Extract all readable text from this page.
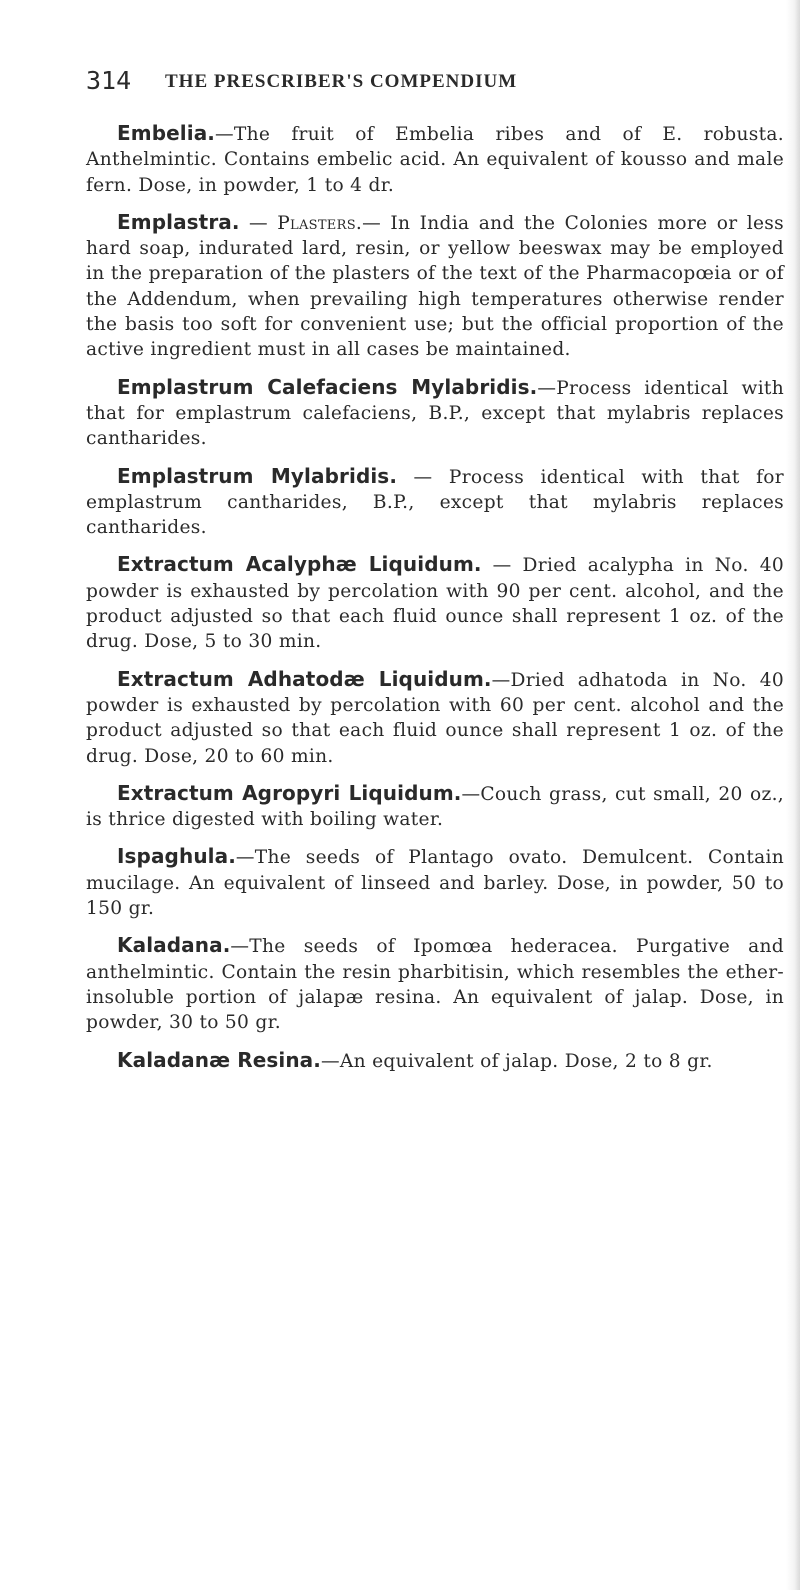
314 THE PRESCRIBER'S COMPENDIUM

Embelia.—The fruit of Embelia ribes and of E. robusta. Anthelmintic. Contains embelic acid. An equivalent of kousso and male fern. Dose, in powder, 1 to 4 dr.

Emplastra. — Plasters.— In India and the Colonies more or less hard soap, indurated lard, resin, or yellow beeswax may be employed in the preparation of the plasters of the text of the Pharmacopœia or of the Addendum, when prevailing high temperatures otherwise render the basis too soft for convenient use; but the official proportion of the active ingredient must in all cases be maintained.

Emplastrum Calefaciens Mylabridis.—Process identical with that for emplastrum calefaciens, B.P., except that mylabris replaces cantharides.

Emplastrum Mylabridis. — Process identical with that for emplastrum cantharides, B.P., except that mylabris replaces cantharides.

Extractum Acalyphæ Liquidum. — Dried acalypha in No. 40 powder is exhausted by percolation with 90 per cent. alcohol, and the product adjusted so that each fluid ounce shall represent 1 oz. of the drug. Dose, 5 to 30 min.

Extractum Adhatodæ Liquidum.—Dried adhatoda in No. 40 powder is exhausted by percolation with 60 per cent. alcohol and the product adjusted so that each fluid ounce shall represent 1 oz. of the drug. Dose, 20 to 60 min.

Extractum Agropyri Liquidum.—Couch grass, cut small, 20 oz., is thrice digested with boiling water.

Ispaghula.—The seeds of Plantago ovato. Demulcent. Contain mucilage. An equivalent of linseed and barley. Dose, in powder, 50 to 150 gr.

Kaladana.—The seeds of Ipomœa hederacea. Purgative and anthelmintic. Contain the resin pharbitisin, which resembles the ether-insoluble portion of jalapæ resina. An equivalent of jalap. Dose, in powder, 30 to 50 gr.

Kaladanæ Resina.—An equivalent of jalap. Dose, 2 to 8 gr.
